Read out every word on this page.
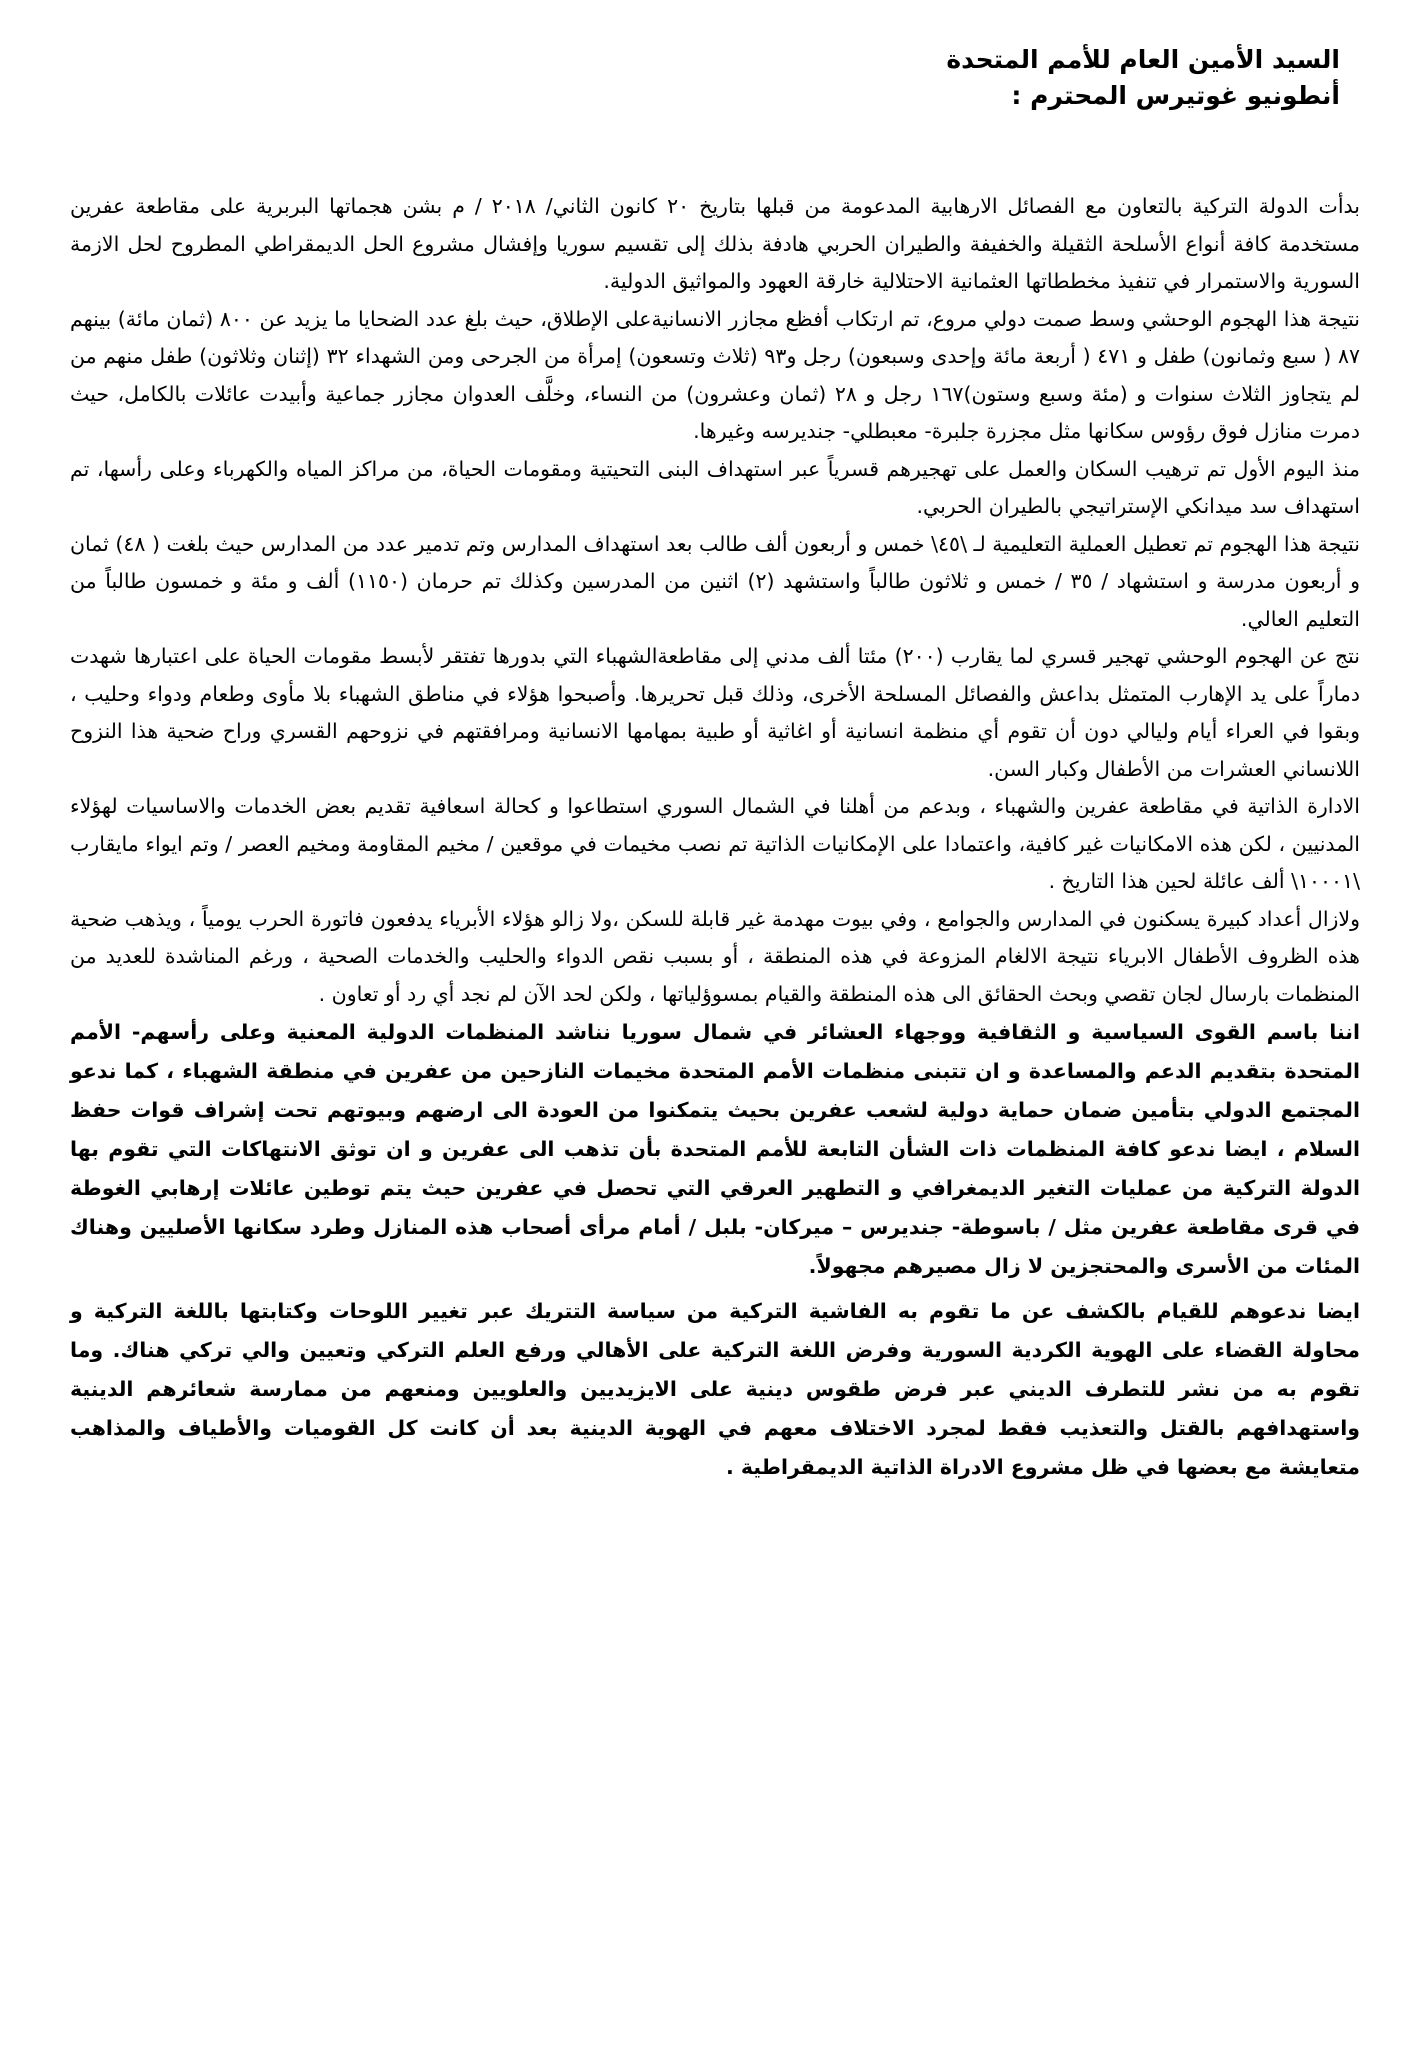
السيد الأمين العام للأمم المتحدة
أنطونيو غوتيرس المحترم :

بدأت الدولة التركية بالتعاون مع الفصائل الارهابية المدعومة من قبلها بتاريخ ٢٠ كانون الثاني/ ٢٠١٨ / م بشن هجماتها البربرية على مقاطعة عفرين مستخدمة كافة أنواع الأسلحة الثقيلة والخفيفة والطيران الحربي هادفة بذلك إلى تقسيم سوريا وإفشال مشروع الحل الديمقراطي المطروح لحل الازمة السورية والاستمرار في تنفيذ مخططاتها العثمانية الاحتلالية خارقة العهود والمواثيق الدولية.

نتيجة هذا الهجوم الوحشي وسط صمت دولي مروع، تم ارتكاب أفظع مجازر الانسانيةعلى الإطلاق، حيث بلغ عدد الضحايا ما يزيد عن ٨٠٠ (ثمان مائة) بينهم ٨٧ ( سبع وثمانون) طفل و ٤٧١ ( أربعة مائة وإحدى وسبعون) رجل و٩٣ (ثلاث وتسعون) إمرأة من الجرحى ومن الشهداء ٣٢ (إثنان وثلاثون) طفل منهم من لم يتجاوز الثلاث سنوات و (مئة وسبع وستون)١٦٧ رجل و ٢٨ (ثمان وعشرون) من النساء، وخلَّف العدوان مجازر جماعية وأبيدت عائلات بالكامل، حيث دمرت منازل فوق رؤوس سكانها مثل مجزرة جلبرة- معبطلي- جنديرسه وغيرها.

منذ اليوم الأول تم ترهيب السكان والعمل على تهجيرهم قسرياً عبر استهداف البنى التحيتية ومقومات الحياة، من مراكز المياه والكهرباء وعلى رأسها، تم استهداف سد ميدانكي الإستراتيجي بالطيران الحربي.

نتيجة هذا الهجوم تم تعطيل العملية التعليمية لـ \٤٥\ خمس و أربعون ألف طالب بعد استهداف المدارس وتم تدمير عدد من المدارس حيث بلغت ( ٤٨) ثمان و أربعون مدرسة و استشهاد / ٣٥ / خمس و ثلاثون طالباً واستشهد (٢) اثنين من المدرسين وكذلك تم حرمان (١١٥٠) ألف و مئة و خمسون طالباً من التعليم العالي.

نتج عن الهجوم الوحشي تهجير قسري لما يقارب (٢٠٠) مئتا ألف مدني إلى مقاطعةالشهباء التي بدورها تفتقر لأبسط مقومات الحياة على اعتبارها شهدت دماراً على يد الإهارب المتمثل بداعش والفصائل المسلحة الأخرى، وذلك قبل تحريرها. وأصبحوا هؤلاء في مناطق الشهباء بلا مأوى وطعام ودواء وحليب ، وبقوا في العراء أيام وليالي دون أن تقوم أي منظمة انسانية أو اغاثية أو طبية بمهامها الانسانية ومرافقتهم في نزوحهم القسري وراح ضحية هذا النزوح اللانساني العشرات من الأطفال وكبار السن.

الادارة الذاتية في مقاطعة عفرين والشهباء ، وبدعم من أهلنا في الشمال السوري استطاعوا و كحالة اسعافية تقديم بعض الخدمات والاساسيات لهؤلاء المدنيين ، لكن هذه الامكانيات غير كافية، واعتمادا على الإمكانيات الذاتية تم نصب مخيمات في موقعين / مخيم المقاومة ومخيم العصر / وتم ايواء مايقارب \١٠٠٠١\ ألف عائلة لحين هذا التاريخ .

ولازال أعداد كبيرة يسكنون في المدارس والجوامع ، وفي بيوت مهدمة غير قابلة للسكن ،ولا زالو هؤلاء الأبرياء يدفعون فاتورة الحرب يومياً ، ويذهب ضحية هذه الظروف الأطفال الابرياء نتيجة الالغام المزوعة في هذه المنطقة ، أو بسبب نقص الدواء والحليب والخدمات الصحية ، ورغم المناشدة للعديد من المنظمات بارسال لجان تقصي وبحث الحقائق الى هذه المنطقة والقيام بمسوؤلياتها ، ولكن لحد الآن لم نجد أي رد أو تعاون .

اننا باسم القوى السياسية و الثقافية ووجهاء العشائر في شمال سوريا نناشد المنظمات الدولية المعنية وعلى رأسهم- الأمم المتحدة بتقديم الدعم والمساعدة و ان تتبنى منظمات الأمم المتحدة مخيمات النازحين من عفرين في منطقة الشهباء ، كما ندعو المجتمع الدولي بتأمين ضمان حماية دولية لشعب عفرين بحيث يتمكنوا من العودة الى ارضهم وبيوتهم تحت إشراف قوات حفظ السلام ، ايضا ندعو كافة المنظمات ذات الشأن التابعة للأمم المتحدة بأن تذهب الى عفرين و ان توثق الانتهاكات التي تقوم بها الدولة التركية من عمليات التغير الديمغرافي و التطهير العرقي التي تحصل في عفرين حيث يتم توطين عائلات إرهابي الغوطة في قرى مقاطعة عفرين مثل / باسوطة- جنديرس – ميركان- بلبل / أمام مرأى أصحاب هذه المنازل وطرد سكانها الأصليين وهناك المئات من الأسرى والمحتجزين لا زال مصيرهم مجهولاً.

ايضا ندعوهم للقيام بالكشف عن ما تقوم به الفاشية التركية من سياسة التتريك عبر تغيير اللوحات وكتابتها باللغة التركية و محاولة القضاء على الهوية الكردية السورية وفرض اللغة التركية على الأهالي ورفع العلم التركي وتعيين والي تركي هناك. وما تقوم به من نشر للتطرف الديني عبر فرض طقوس دينية على الايزيديين والعلويين ومنعهم من ممارسة شعائرهم الدينية واستهدافهم بالقتل والتعذيب فقط لمجرد الاختلاف معهم في الهوية الدينية بعد أن كانت كل القوميات والأطياف والمذاهب متعايشة مع بعضها في ظل مشروع الادراة الذاتية الديمقراطية .
